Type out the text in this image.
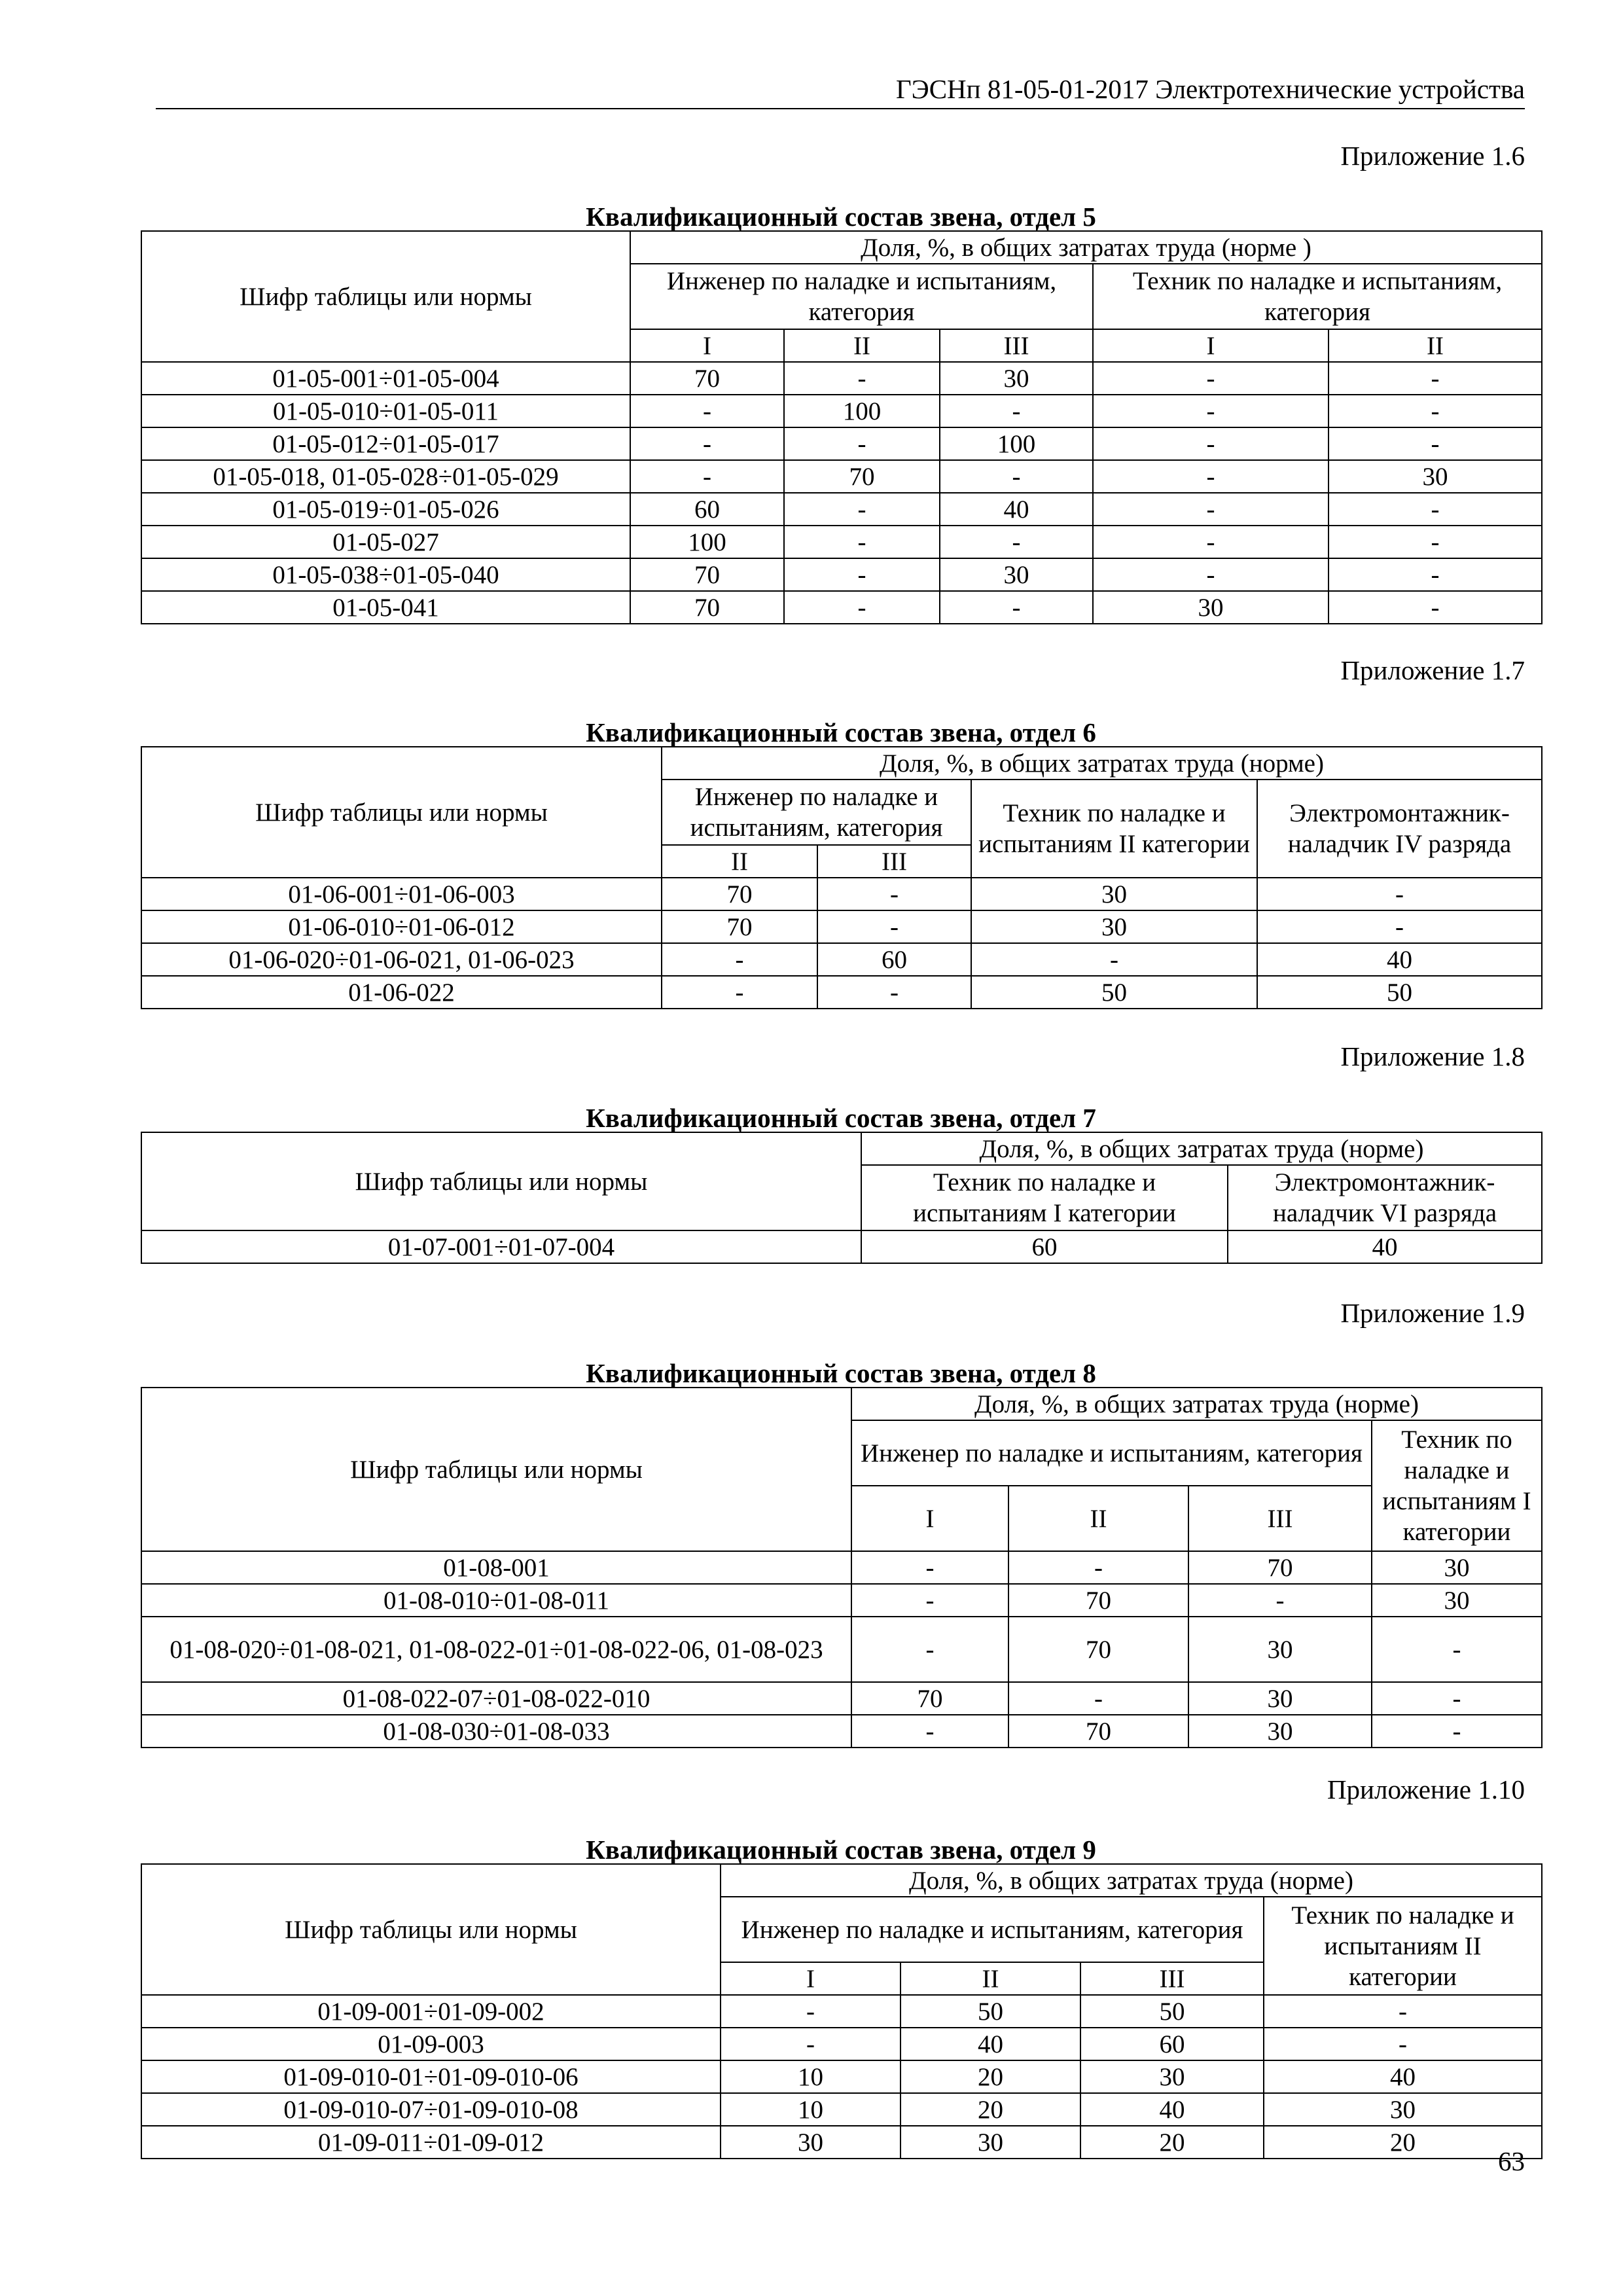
ГЭСНп 81-05-01-2017 Электротехнические устройства
Приложение 1.6
Квалификационный состав звена, отдел 5
Шифр таблицы или нормы	Доля, %, в общих затратах труда (норме )				
	Инженер по наладке и испытаниям, категория			Техник по наладке и испытаниям, категория	
	I	II	III	I	II
01-05-001÷01-05-004	70	-	30	-	-
01-05-010÷01-05-011	-	100	-	-	-
01-05-012÷01-05-017	-	-	100	-	-
01-05-018, 01-05-028÷01-05-029	-	70	-	-	30
01-05-019÷01-05-026	60	-	40	-	-
01-05-027	100	-	-	-	-
01-05-038÷01-05-040	70	-	30	-	-
01-05-041	70	-	-	30	-
Приложение 1.7
Квалификационный состав звена, отдел 6
Шифр таблицы или нормы	Доля, %, в общих затратах труда (норме)			
	Инженер по наладке и испытаниям, категория		Техник по наладке и испытаниям II категории	Электромонтажник-наладчик IV разряда
	II	III		
01-06-001÷01-06-003	70	-	30	-
01-06-010÷01-06-012	70	-	30	-
01-06-020÷01-06-021, 01-06-023	-	60	-	40
01-06-022	-	-	50	50
Приложение 1.8
Квалификационный состав звена, отдел 7
Шифр таблицы или нормы	Доля, %, в общих затратах труда (норме)	
	Техник по наладке и испытаниям I категории	Электромонтажник-наладчик VI разряда
01-07-001÷01-07-004	60	40
Приложение 1.9
Квалификационный состав звена, отдел 8
Шифр таблицы или нормы	Доля, %, в общих затратах труда (норме)			
	Инженер по наладке и испытаниям, категория			Техник по наладке и испытаниям I категории
	I	II	III	
01-08-001	-	-	70	30
01-08-010÷01-08-011	-	70	-	30
01-08-020÷01-08-021, 01-08-022-01÷01-08-022-06, 01-08-023	-	70	30	-
01-08-022-07÷01-08-022-010	70	-	30	-
01-08-030÷01-08-033	-	70	30	-
Приложение 1.10
Квалификационный состав звена, отдел 9
Шифр таблицы или нормы	Доля, %, в общих затратах труда (норме)			
	Инженер по наладке и испытаниям, категория			Техник по наладке и испытаниям II категории
	I	II	III	
01-09-001÷01-09-002	-	50	50	-
01-09-003	-	40	60	-
01-09-010-01÷01-09-010-06	10	20	30	40
01-09-010-07÷01-09-010-08	10	20	40	30
01-09-011÷01-09-012	30	30	20	20
63
